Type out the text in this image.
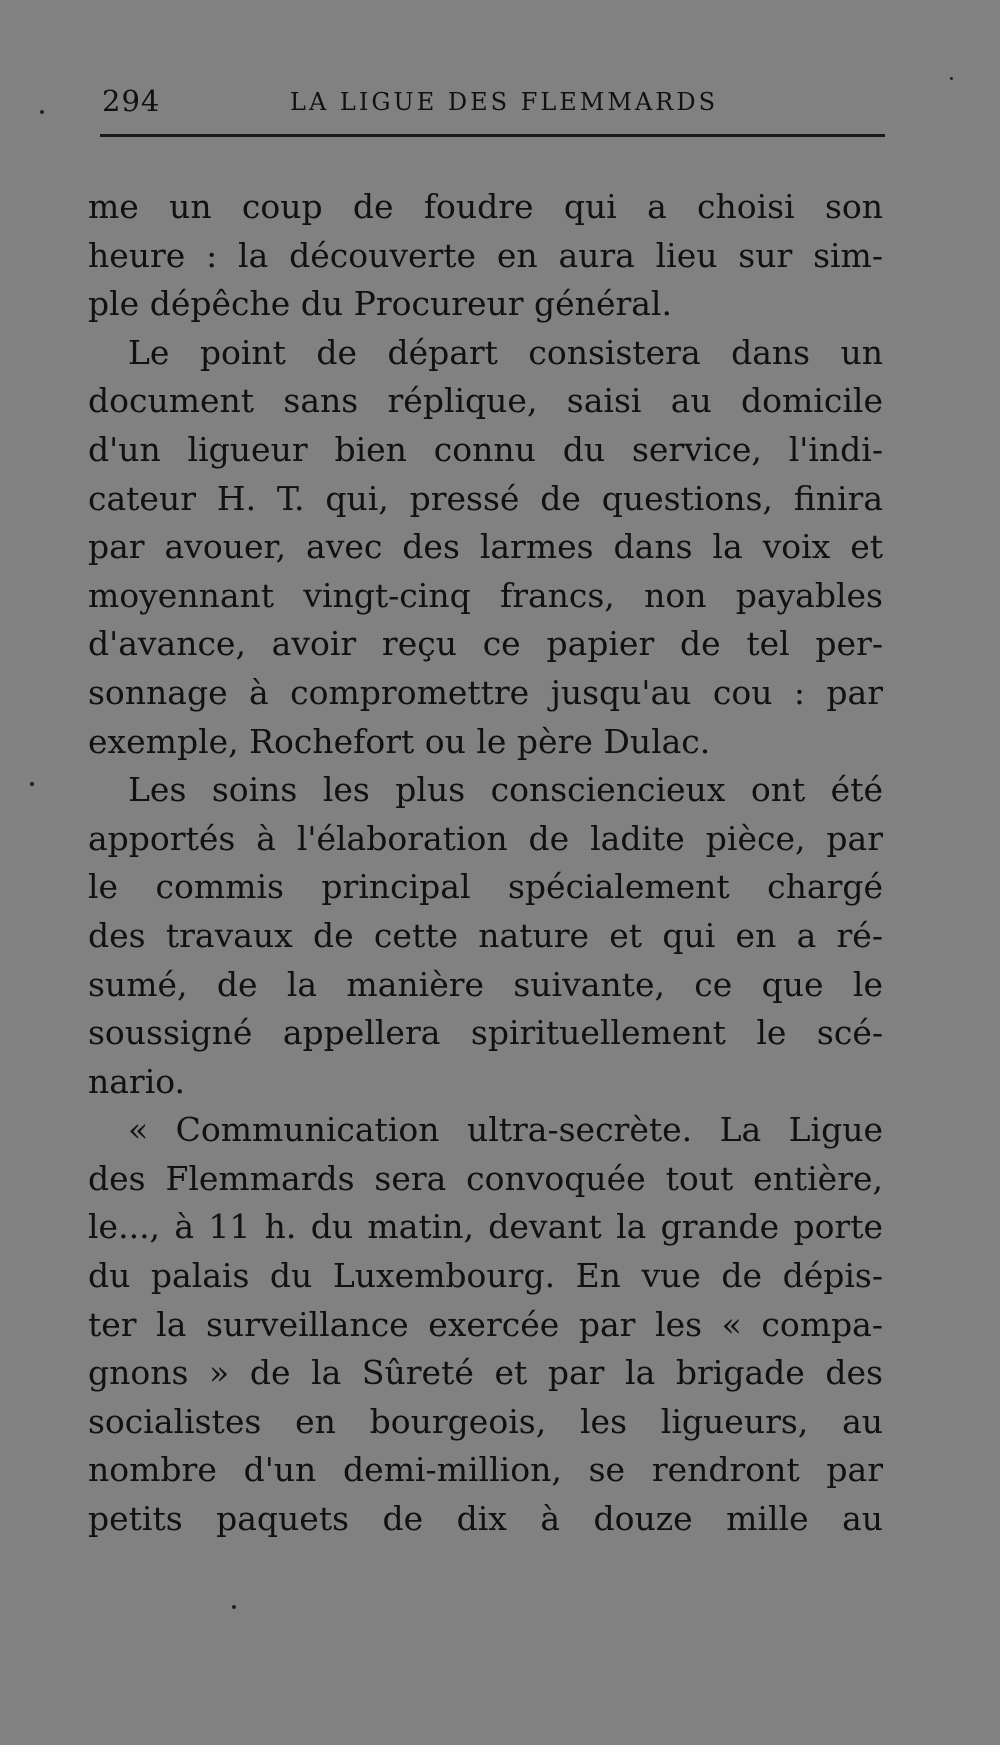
294	LA LIGUE DES FLEMMARDS
me un coup de foudre qui a choisi son
heure : la découverte en aura lieu sur sim-
ple dépêche du Procureur général.
Le point de départ consistera dans un
document sans réplique, saisi au domicile
d'un ligueur bien connu du service, l'indi-
cateur H. T. qui, pressé de questions, finira
par avouer, avec des larmes dans la voix et
moyennant vingt-cinq francs, non payables
d'avance, avoir reçu ce papier de tel per-
sonnage à compromettre jusqu'au cou : par
exemple, Rochefort ou le père Dulac.
Les soins les plus consciencieux ont été
apportés à l'élaboration de ladite pièce, par
le commis principal spécialement chargé
des travaux de cette nature et qui en a ré-
sumé, de la manière suivante, ce que le
soussigné appellera spirituellement le scé-
nario.
« Communication ultra-secrète. La Ligue
des Flemmards sera convoquée tout entière,
le..., à 11 h. du matin, devant la grande porte
du palais du Luxembourg. En vue de dépis-
ter la surveillance exercée par les « compa-
gnons » de la Sûreté et par la brigade des
socialistes en bourgeois, les ligueurs, au
nombre d'un demi-million, se rendront par
petits paquets de dix à douze mille au
